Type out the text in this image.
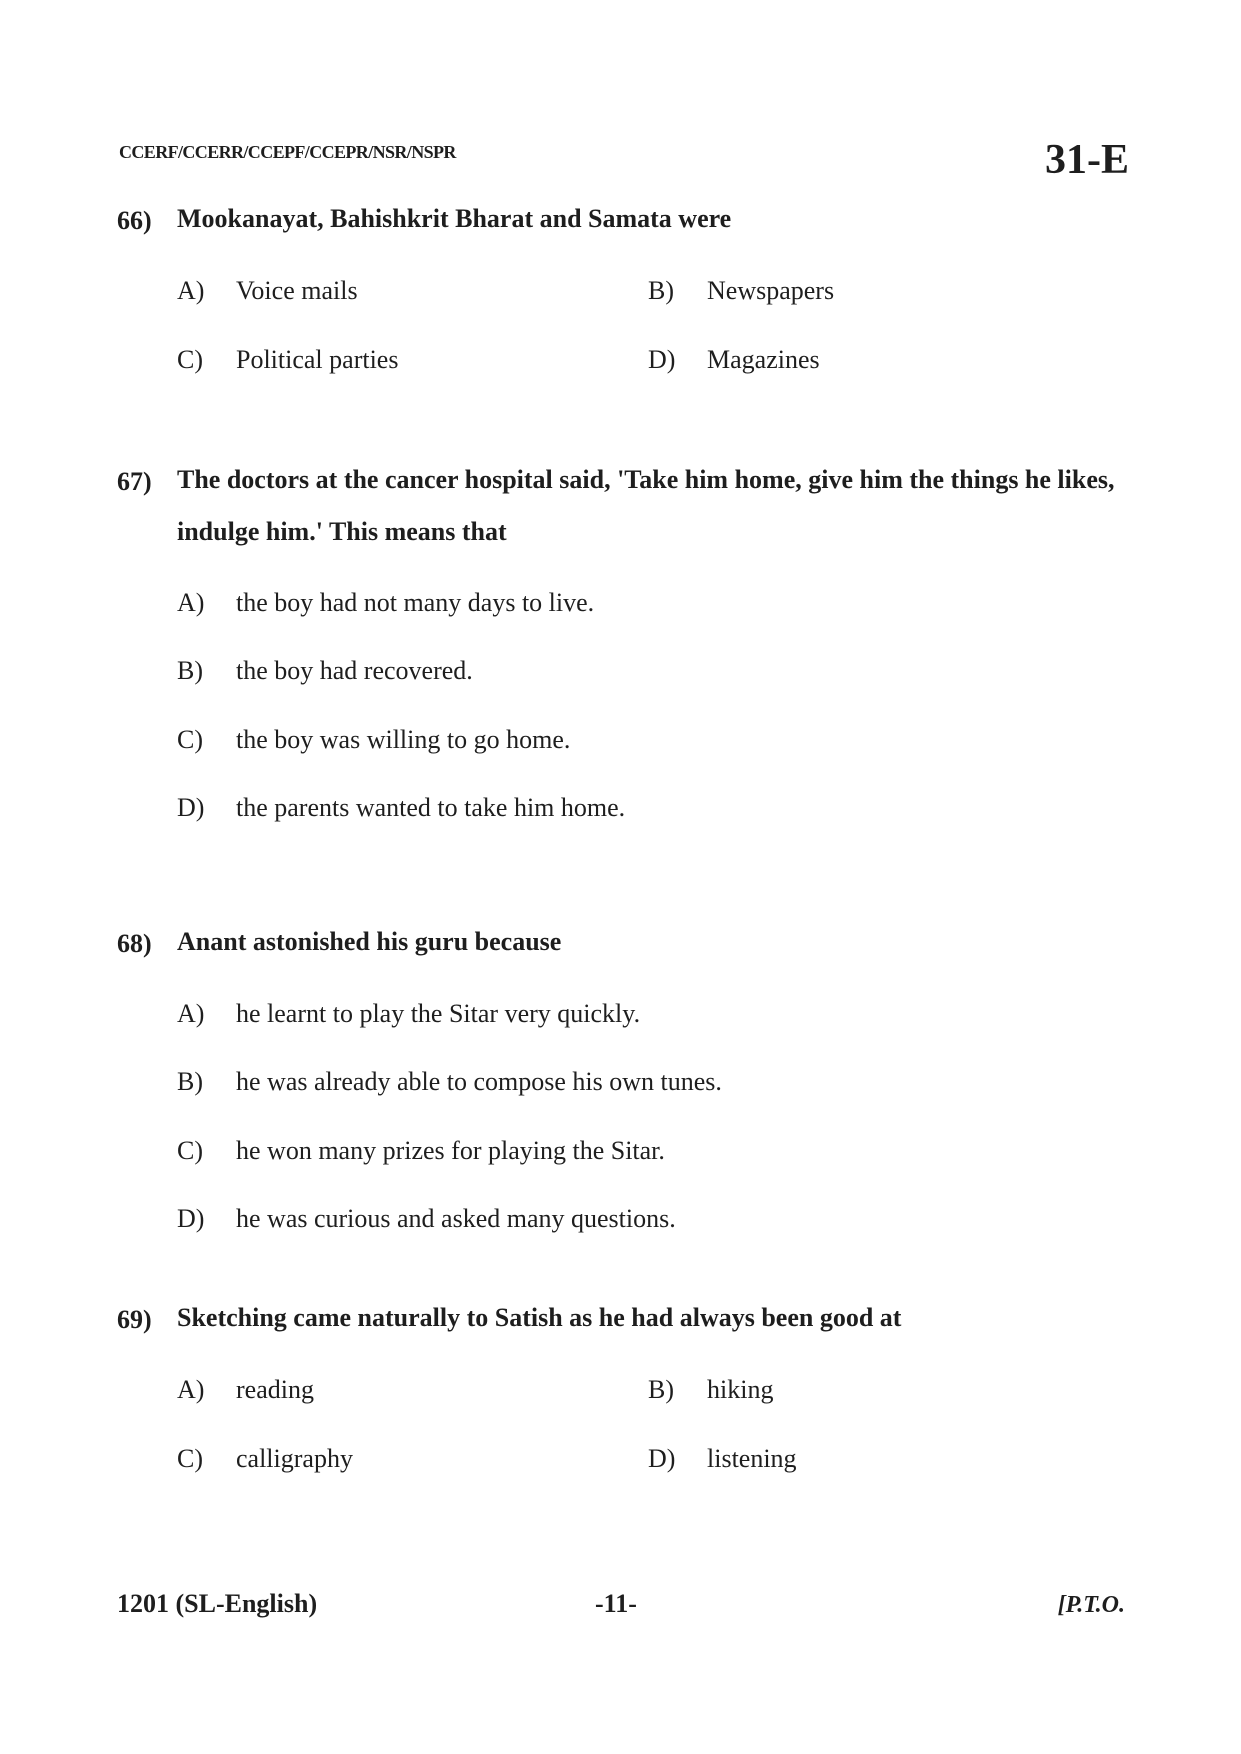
CCERF/CCERR/CCEPF/CCEPR/NSR/NSPR	31-E
66) Mookanayat, Bahishkrit Bharat and Samata were
A) Voice mails	B) Newspapers
C) Political parties	D) Magazines
67) The doctors at the cancer hospital said, 'Take him home, give him the things he likes, indulge him.' This means that
A) the boy had not many days to live.
B) the boy had recovered.
C) the boy was willing to go home.
D) the parents wanted to take him home.
68) Anant astonished his guru because
A) he learnt to play the Sitar very quickly.
B) he was already able to compose his own tunes.
C) he won many prizes for playing the Sitar.
D) he was curious and asked many questions.
69) Sketching came naturally to Satish as he had always been good at
A) reading	B) hiking
C) calligraphy	D) listening
1201 (SL-English)	-11-	[P.T.O.
